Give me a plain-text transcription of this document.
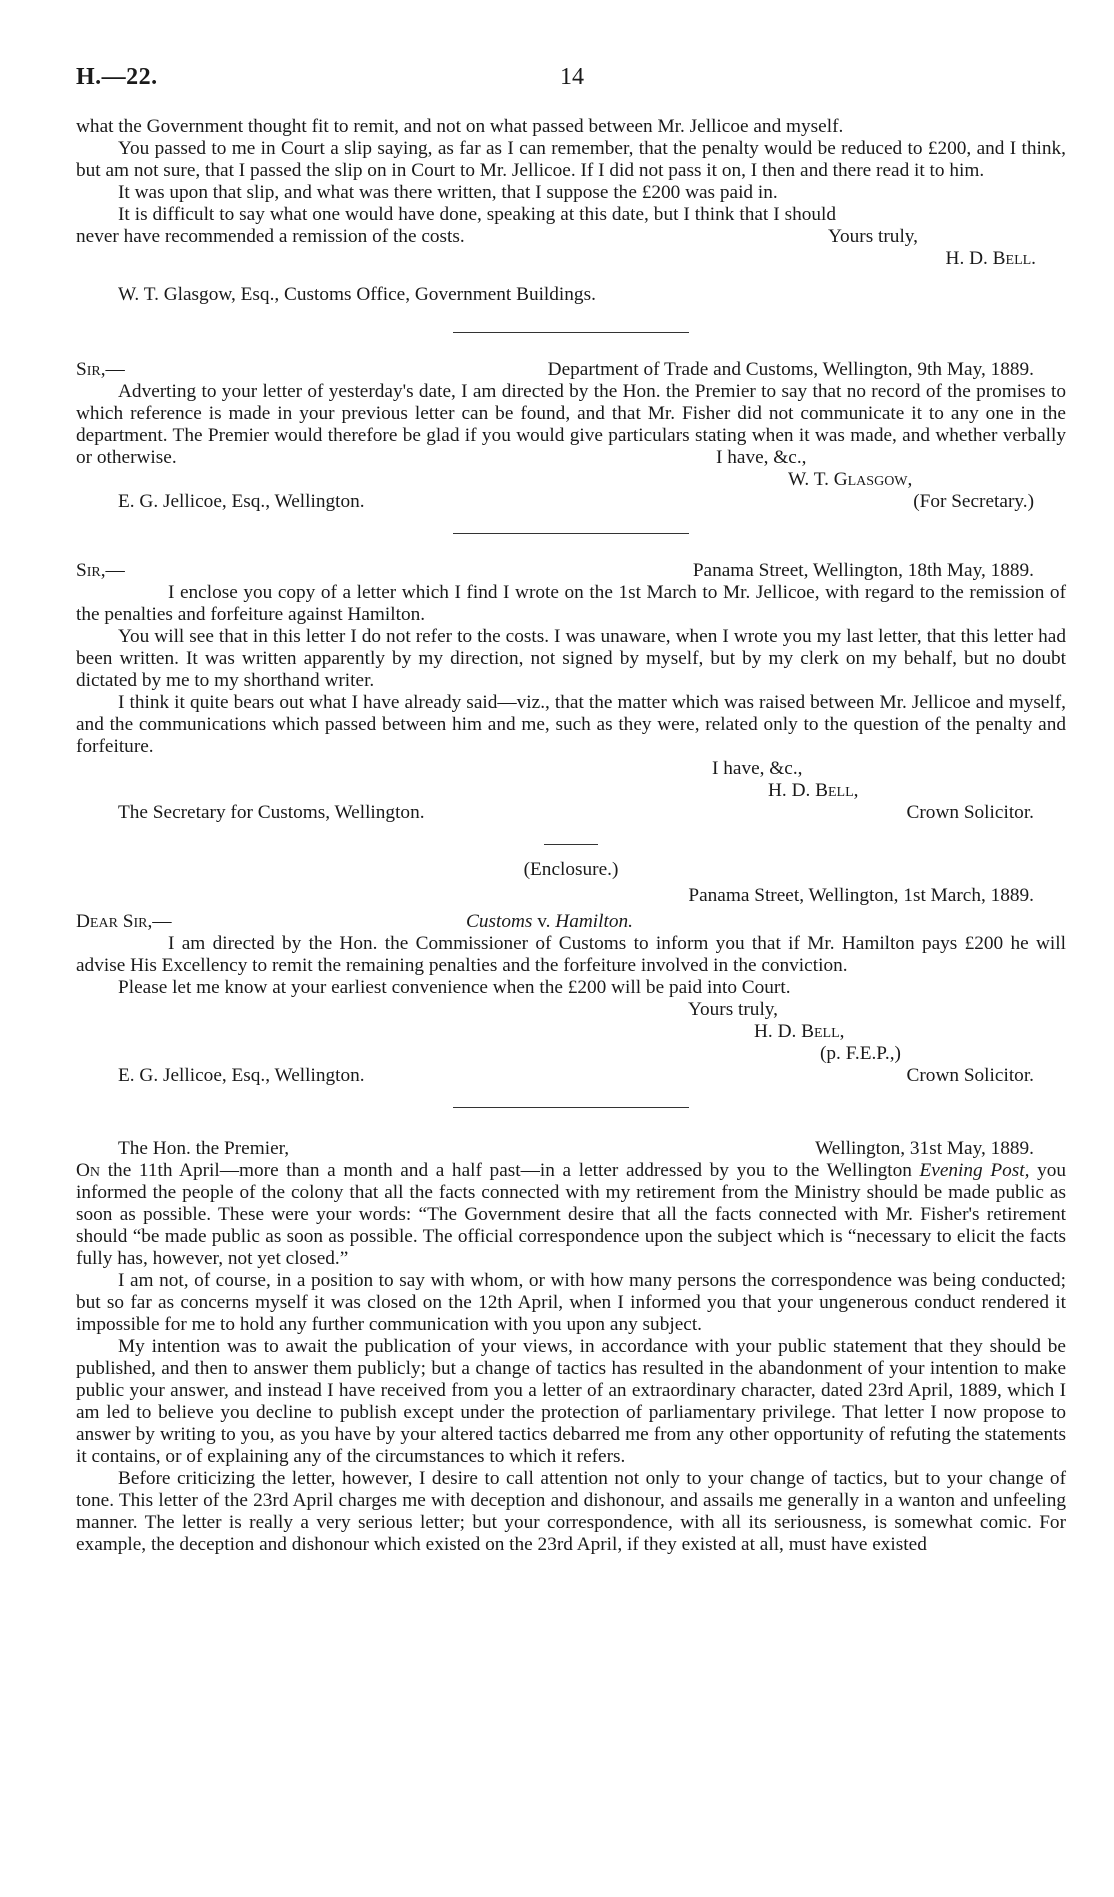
H.—22.	14

what the Government thought fit to remit, and not on what passed between Mr. Jellicoe and myself.

You passed to me in Court a slip saying, as far as I can remember, that the penalty would be reduced to £200, and I think, but am not sure, that I passed the slip on in Court to Mr. Jellicoe. If I did not pass it on, I then and there read it to him.

It was upon that slip, and what was there written, that I suppose the £200 was paid in.

It is difficult to say what one would have done, speaking at this date, but I think that I should never have recommended a remission of the costs.	Yours truly,
H. D. Bell.

W. T. Glasgow, Esq., Customs Office, Government Buildings.

Sir,—	Department of Trade and Customs, Wellington, 9th May, 1889.

Adverting to your letter of yesterday's date, I am directed by the Hon. the Premier to say that no record of the promises to which reference is made in your previous letter can be found, and that Mr. Fisher did not communicate it to any one in the department. The Premier would therefore be glad if you would give particulars stating when it was made, and whether verbally or otherwise.	I have, &c.,
W. T. Glasgow,
E. G. Jellicoe, Esq., Wellington.	(For Secretary.)
Sir,—	Panama Street, Wellington, 18th May, 1889.

I enclose you copy of a letter which I find I wrote on the 1st March to Mr. Jellicoe, with regard to the remission of the penalties and forfeiture against Hamilton.

You will see that in this letter I do not refer to the costs. I was unaware, when I wrote you my last letter, that this letter had been written. It was written apparently by my direction, not signed by myself, but by my clerk on my behalf, but no doubt dictated by me to my shorthand writer.

I think it quite bears out what I have already said—viz., that the matter which was raised between Mr. Jellicoe and myself, and the communications which passed between him and me, such as they were, related only to the question of the penalty and forfeiture.

I have, &c.,
H. D. Bell,
The Secretary for Customs, Wellington.	Crown Solicitor.
(Enclosure.)
Panama Street, Wellington, 1st March, 1889.
Dear Sir,—	Customs v. Hamilton.

I am directed by the Hon. the Commissioner of Customs to inform you that if Mr. Hamilton pays £200 he will advise His Excellency to remit the remaining penalties and the forfeiture involved in the conviction.

Please let me know at your earliest convenience when the £200 will be paid into Court.

Yours truly,
H. D. Bell,
(p. F.E.P.,)
E. G. Jellicoe, Esq., Wellington.	Crown Solicitor.
The Hon. the Premier,	Wellington, 31st May, 1889.

On the 11th April—more than a month and a half past—in a letter addressed by you to the Wellington Evening Post, you informed the people of the colony that all the facts connected with my retirement from the Ministry should be made public as soon as possible. These were your words: “The Government desire that all the facts connected with Mr. Fisher's retirement should “be made public as soon as possible. The official correspondence upon the subject which is “necessary to elicit the facts fully has, however, not yet closed.”

I am not, of course, in a position to say with whom, or with how many persons the correspondence was being conducted; but so far as concerns myself it was closed on the 12th April, when I informed you that your ungenerous conduct rendered it impossible for me to hold any further communication with you upon any subject.

My intention was to await the publication of your views, in accordance with your public statement that they should be published, and then to answer them publicly; but a change of tactics has resulted in the abandonment of your intention to make public your answer, and instead I have received from you a letter of an extraordinary character, dated 23rd April, 1889, which I am led to believe you decline to publish except under the protection of parliamentary privilege. That letter I now propose to answer by writing to you, as you have by your altered tactics debarred me from any other opportunity of refuting the statements it contains, or of explaining any of the circumstances to which it refers.

Before criticizing the letter, however, I desire to call attention not only to your change of tactics, but to your change of tone. This letter of the 23rd April charges me with deception and dishonour, and assails me generally in a wanton and unfeeling manner. The letter is really a very serious letter; but your correspondence, with all its seriousness, is somewhat comic. For example, the deception and dishonour which existed on the 23rd April, if they existed at all, must have existed
